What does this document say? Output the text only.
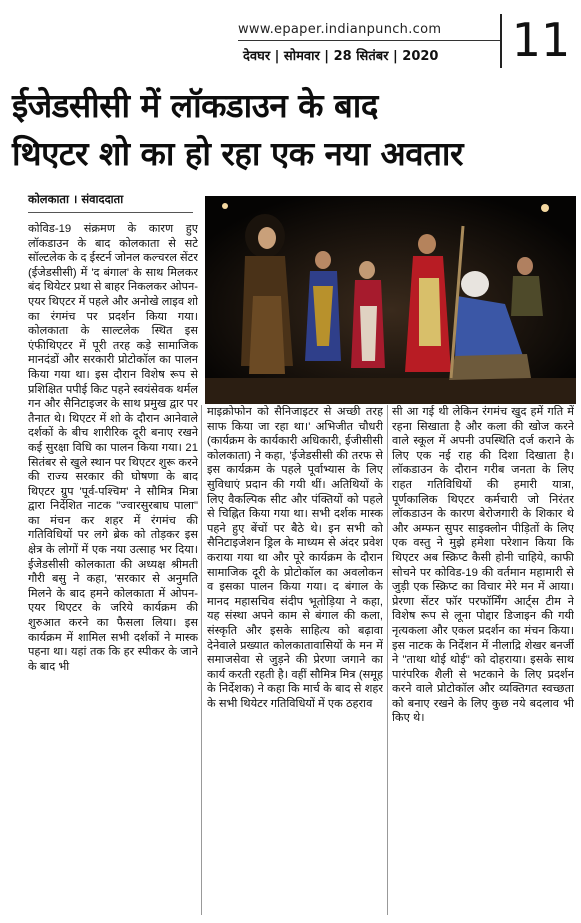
www.epaper.indianpunch.com
देवघर | सोमवार | 28 सितंबर | 2020	11
ईजेडसीसी में लॉकडाउन के बाद
थिएटर शो का हो रहा एक नया अवतार
कोलकाता । संवाददाता

कोविड-19 संक्रमण के कारण हुए लॉकडाउन के बाद कोलकाता से सटे सॉल्टलेक के द ईस्टर्न जोनल कल्चरल सेंटर (ईजेडसीसी) में 'द बंगाल' के साथ मिलकर बंद थियेटर प्रथा से बाहर निकलकर ओपन-एयर थिएटर में पहले और अनोखे लाइव शो का रंगमंच पर प्रदर्शन किया गया। कोलकाता के साल्टलेक स्थित इस एंफीथिएटर में पूरी तरह कड़े सामाजिक मानदंडों और सरकारी प्रोटोकॉल का पालन किया गया था। इस दौरान विशेष रूप से प्रशिक्षित पपीई किट पहने स्वयंसेवक थर्मल गन और सैनिटाइजर के साथ प्रमुख द्वार पर तैनात थे। थिएटर में शो के दौरान आनेवाले दर्शकों के बीच शारीरिक दूरी बनाए रखने कई सुरक्षा विधि का पालन किया गया। 21 सितंबर से खुले स्थान पर थिएटर शुरू करने की राज्य सरकार की घोषणा के बाद थिएटर ग्रुप 'पूर्व-पश्चिम' ने सौमित्र मित्रा द्वारा निर्देशित नाटक "ज्वारसुरबाघ पाला" का मंचन कर शहर में रंगमंच की गतिविधियों पर लगे ब्रेक को तोड़कर इस क्षेत्र के लोगों में एक नया उत्साह भर दिया। ईजेडसीसी कोलकाता की अध्यक्ष श्रीमती गौरी बसु ने कहा, 'सरकार से अनुमति मिलने के बाद हमने कोलकाता में ओपन-एयर थिएटर के जरिये कार्यक्रम की शुरुआत करने का फैसला लिया। इस कार्यक्रम में शामिल सभी दर्शकों ने मास्क पहना था। यहां तक कि हर स्पीकर के जाने के बाद भी

माइक्रोफोन को सैनिजाइटर से अच्छी तरह साफ किया जा रहा था।' अभिजीत चौधरी (कार्यक्रम के कार्यकारी अधिकारी, ईजीसीसी कोलकाता) ने कहा, 'ईजेडसीसी की तरफ से इस कार्यक्रम के पहले पूर्वाभ्यास के लिए सुविधाएं प्रदान की गयी थीं। अतिथियों के लिए वैकल्पिक सीट और पंक्तियों को पहले से चिह्नित किया गया था। सभी दर्शक मास्क पहने हुए बेंचों पर बैठे थे। इन सभी को सैनिटाइजेशन ड्रिल के माध्यम से अंदर प्रवेश कराया गया था और पूरे कार्यक्रम के दौरान सामाजिक दूरी के प्रोटोकॉल का अवलोकन व इसका पालन किया गया। द बंगाल के मानद महासचिव संदीप भूतोड़िया ने कहा, यह संस्था अपने काम से बंगाल की कला, संस्कृति और इसके साहित्य को बढ़ावा देनेवाले प्रख्यात कोलकातावासियों के मन में समाजसेवा से जुड़ने की प्रेरणा जगाने का कार्य करती रहती है। वहीं सौमित्र मित्र (समूह के निर्देशक) ने कहा कि मार्च के बाद से शहर के सभी थियेटर गतिविधियों में एक ठहराव

सी आ गई थी लेकिन रंगमंच खुद हमें गति में रहना सिखाता है और कला की खोज करने वाले स्कूल में अपनी उपस्थिति दर्ज कराने के लिए एक नई राह की दिशा दिखाता है। लॉकडाउन के दौरान गरीब जनता के लिए राहत गतिविधियों की हमारी यात्रा, पूर्णकालिक थिएटर कर्मचारी जो निरंतर लॉकडाउन के कारण बेरोजगारी के शिकार थे और अम्फन सुपर साइक्लोन पीड़ितों के लिए एक वस्तु ने मुझे हमेशा परेशान किया कि थिएटर अब स्क्रिप्ट कैसी होनी चाहिये, काफी सोचने पर कोविड-19 की वर्तमान महामारी से जुड़ी एक स्क्रिप्ट का विचार मेरे मन में आया। प्रेरणा सेंटर फॉर परफॉर्मिंग आर्ट्स टीम ने विशेष रूप से लूना पोद्दार डिजाइन की गयी नृत्यकला और एकल प्रदर्शन का मंचन किया। इस नाटक के निर्देशन में नीलाद्रि शेखर बनर्जी ने "ताथा थोई थोई" को दोहराया। इसके साथ पारंपरिक शैली से भटकाने के लिए प्रदर्शन करने वाले प्रोटोकॉल और व्यक्तिगत स्वच्छता को बनाए रखने के लिए कुछ नये बदलाव भी किए थे।
